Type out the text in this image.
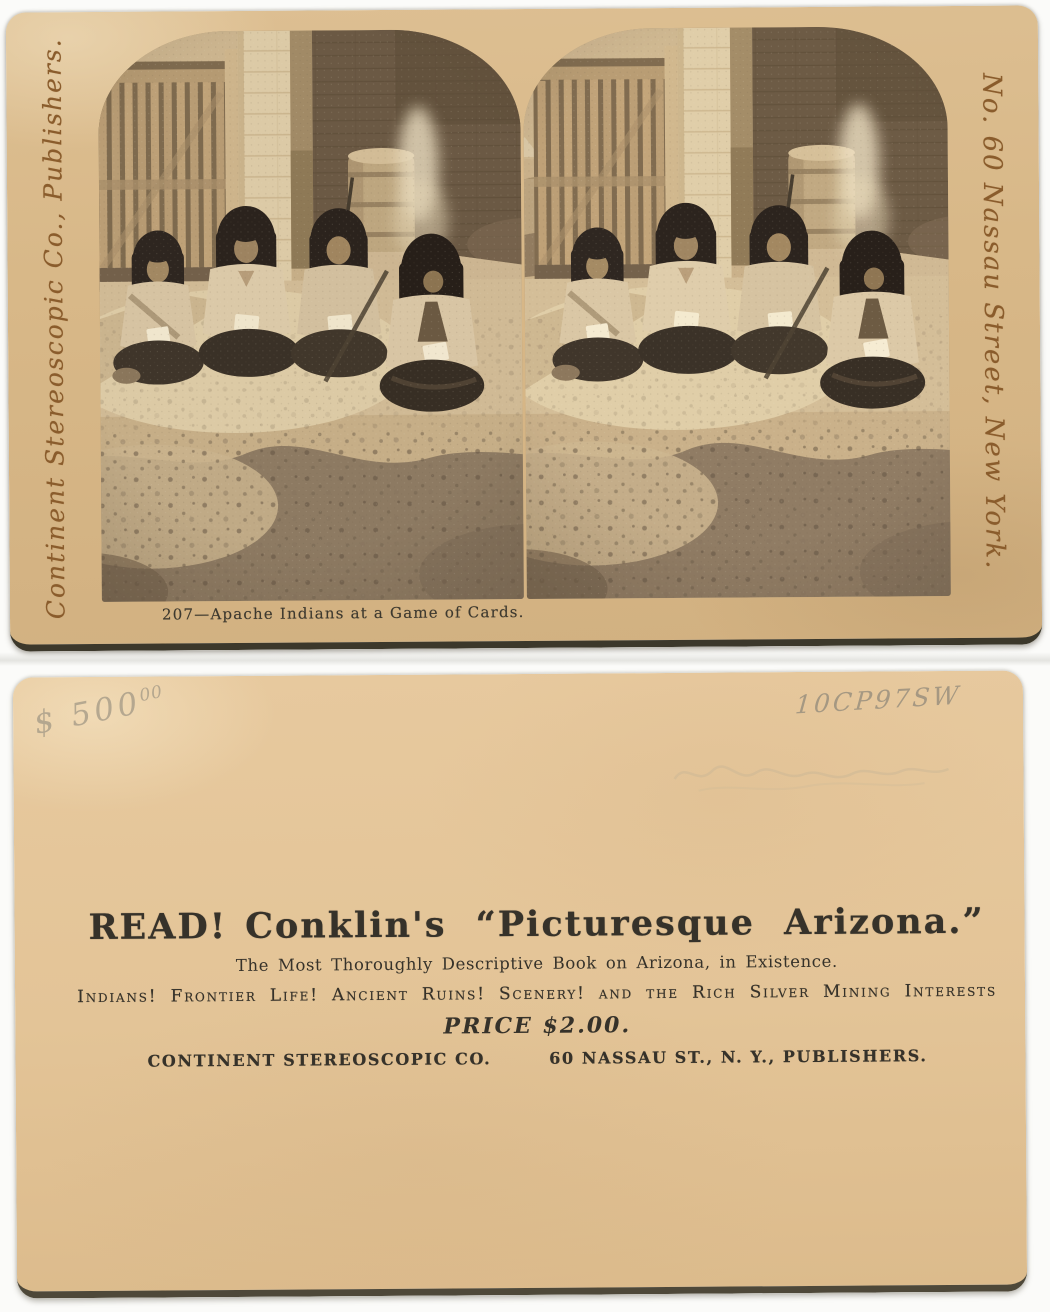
Continent Stereoscopic Co., Publishers.	No. 60 Nassau Street, New York.
207—Apache Indians at a Game of Cards.
$ $500^{00}$	10CP97SW
READ! Conklin's “Picturesque Arizona.”
The Most Thoroughly Descriptive Book on Arizona, in Existence.
Indians! Frontier Life! Ancient Ruins! Scenery! and the Rich Silver Mining Interests
PRICE $2.00.
CONTINENT STEREOSCOPIC CO.	60 NASSAU ST., N. Y., PUBLISHERS.
